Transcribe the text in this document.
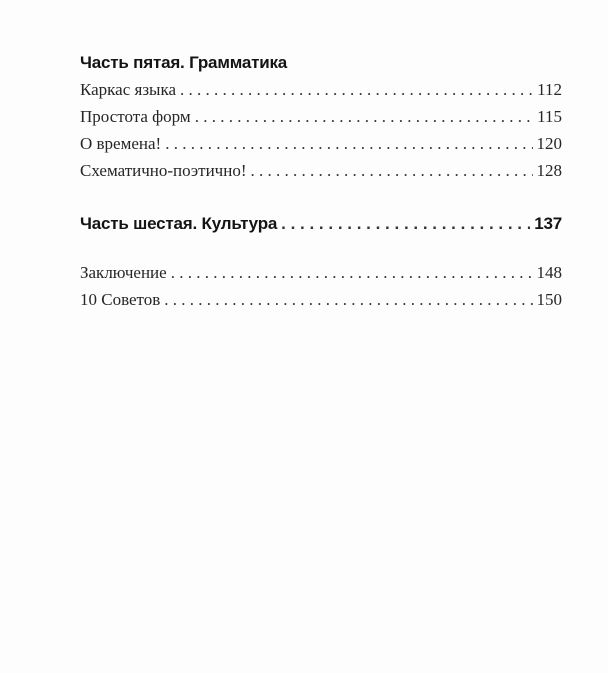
Часть пятая. Грамматика
Каркас языка . . .	112
Простота форм . . .	115
О времена! . . .	120
Схематично-поэтично! . . .	128
Часть шестая. Культура . . .	137
Заключение . . .	148
10 Советов . . .	150
